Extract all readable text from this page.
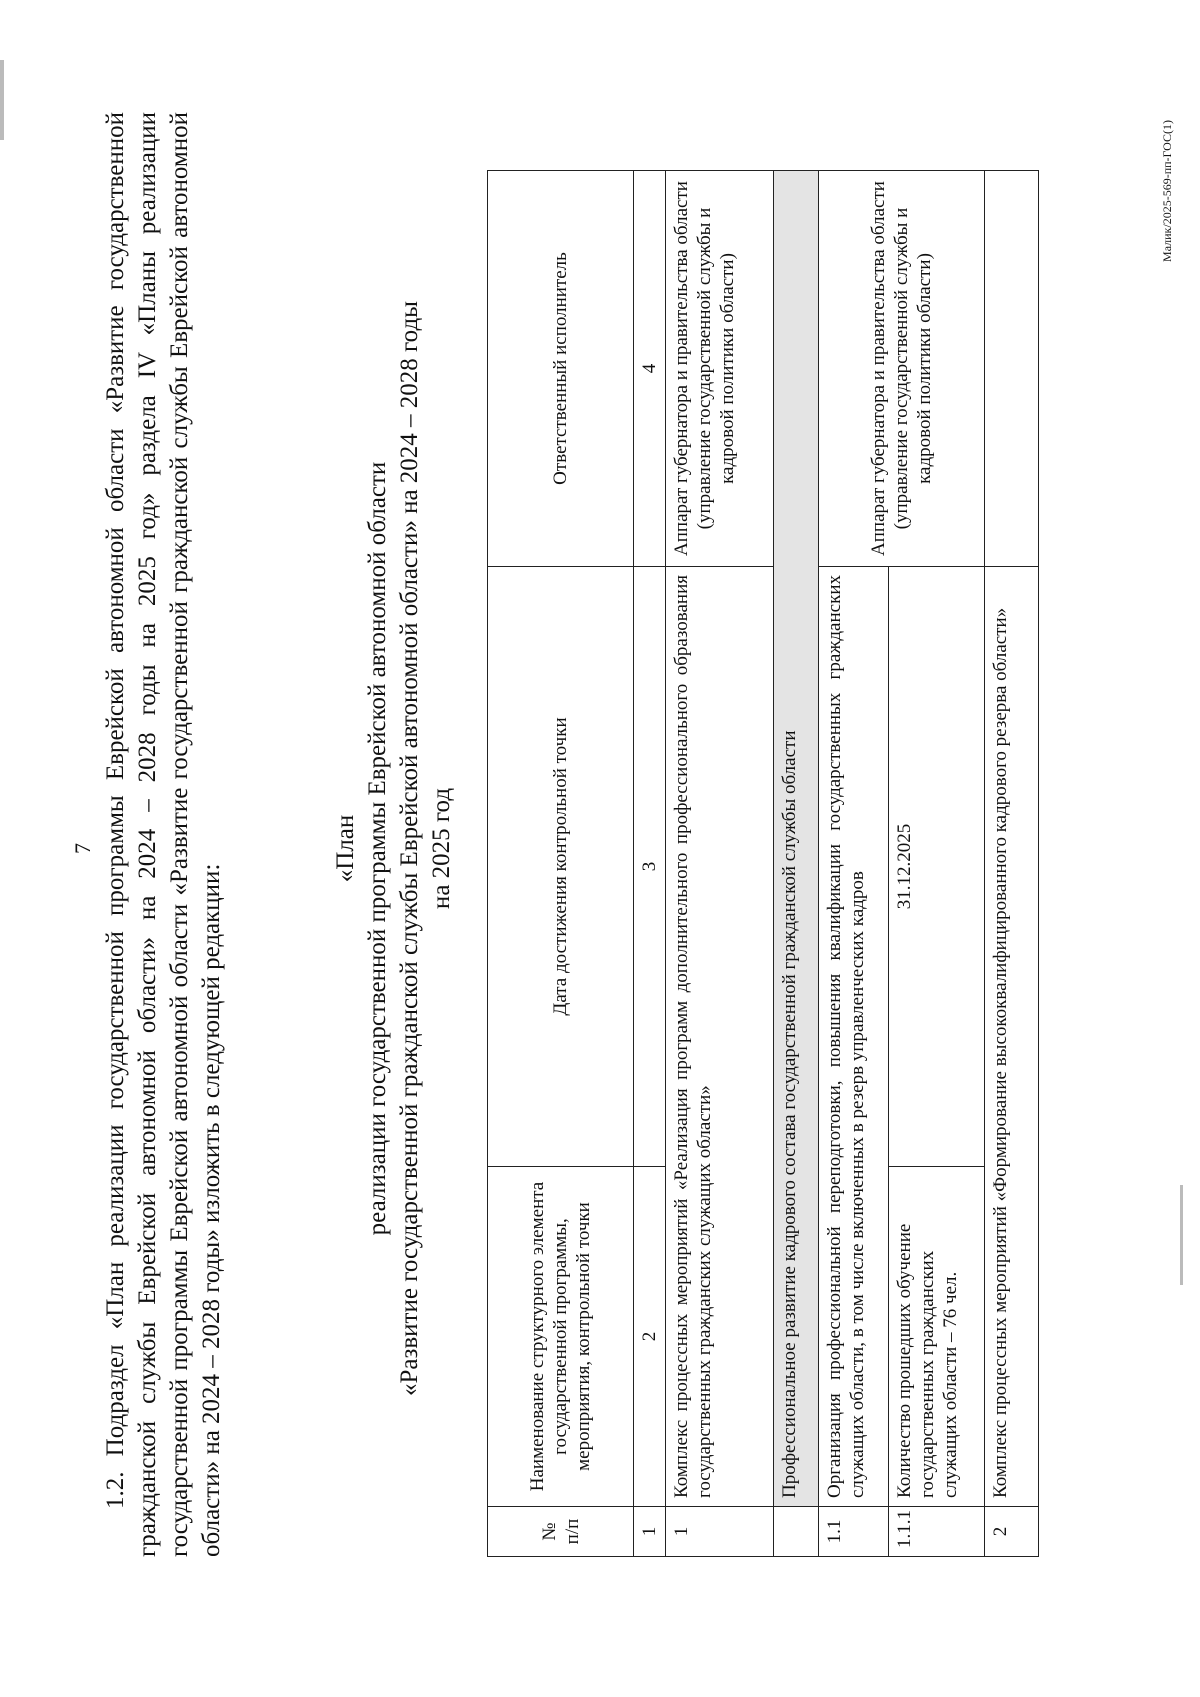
7 1.2. Подраздел «План реализации государственной программы Еврейской автономной области «Развитие государственной гражданской службы Еврейской автономной области» на 2024 – 2028 годы на 2025 год» раздела IV «Планы реализации государственной программы Еврейской автономной области «Развитие государственной гражданской службы Еврейской автономной области» на 2024 – 2028 годы» изложить в следующей редакции:
«План реализации государственной программы Еврейской автономной области «Развитие государственной гражданской службы Еврейской автономной области» на 2024 – 2028 годы на 2025 год
№ п/п	Наименование структурного элемента государственной программы, мероприятия, контрольной точки	Дата достижения контрольной точки	Ответственный исполнитель
1	2	3	4
1	Комплекс процессных мероприятий «Реализация программ дополнительного профессионального образования государственных гражданских служащих области»		Аппарат губернатора и правительства области (управление государственной службы и кадровой политики области)
	Профессиональное развитие кадрового состава государственной гражданской службы области		
1.1	Организация профессиональной переподготовки, повышения квалификации государственных гражданских служащих области, в том числе включенных в резерв управленческих кадров		Аппарат губернатора и правительства области (управление государственной службы и кадровой политики области)
1.1.1	Количество прошедших обучение государственных гражданских служащих области – 76 чел.	31.12.2025	
2	Комплекс процессных мероприятий «Формирование высококвалифицированного кадрового резерва области»		
Малик/2025-569-пп-ГОС(1)
